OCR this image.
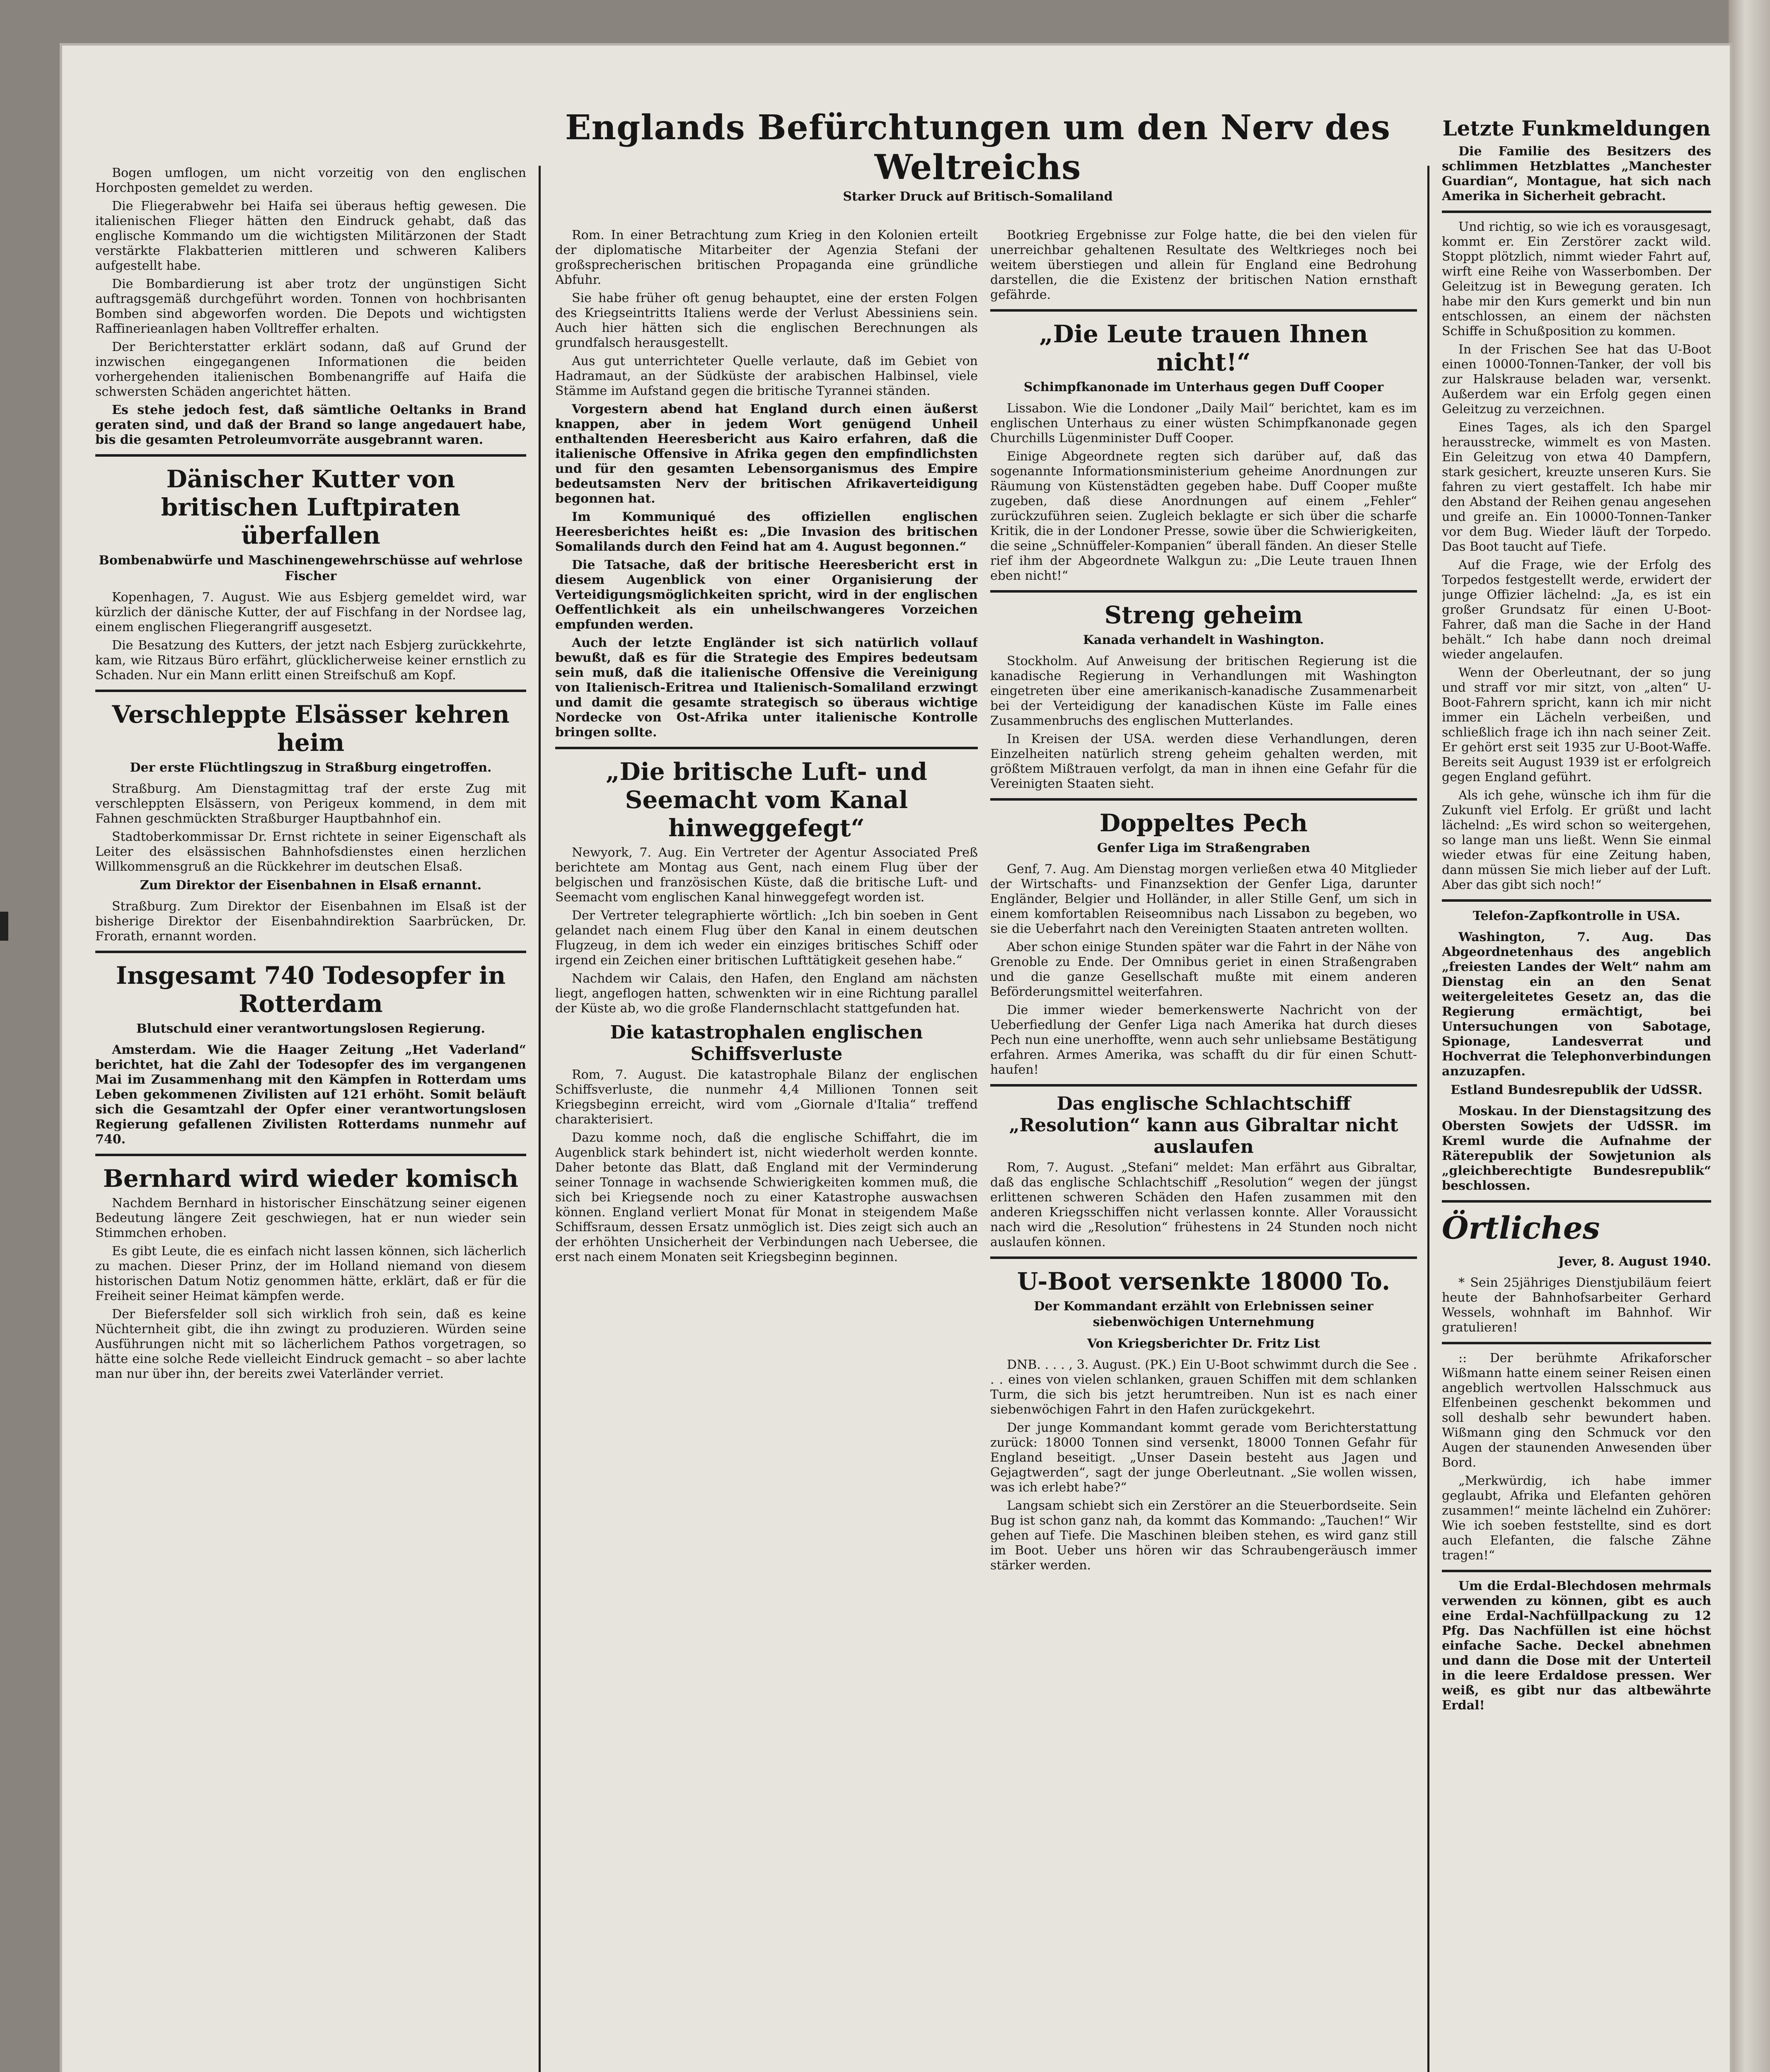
Englands Befürchtungen um den Nerv des Weltreichs
Starker Druck auf Britisch-Somaliland

Bogen umflogen, um nicht vorzeitig von den englischen Horchposten gemeldet zu werden.

Die Fliegerabwehr bei Haifa sei überaus heftig gewesen. Die italienischen Flieger hätten den Eindruck gehabt, daß das englische Kommando um die wichtigsten Militärzonen der Stadt verstärkte Flakbatterien mittleren und schweren Kalibers aufgestellt habe.

Die Bombardierung ist aber trotz der ungünstigen Sicht auftragsgemäß durchgeführt worden. Tonnen von hochbrisanten Bomben sind abgeworfen worden. Die Depots und wichtigsten Raffinerieanlagen haben Volltreffer erhalten.

Der Berichterstatter erklärt sodann, daß auf Grund der inzwischen eingegangenen Informationen die beiden vorhergehenden italienischen Bombenangriffe auf Haifa die schwersten Schäden angerichtet hätten.

Es stehe jedoch fest, daß sämtliche Oeltanks in Brand geraten sind, und daß der Brand so lange angedauert habe, bis die gesamten Petroleumvorräte ausgebrannt waren.

Dänischer Kutter von britischen Luftpiraten überfallen
Bombenabwürfe und Maschinengewehrschüsse auf wehrlose Fischer

Kopenhagen, 7. August. Wie aus Esbjerg gemeldet wird, war kürzlich der dänische Kutter, der auf Fischfang in der Nordsee lag, einem englischen Fliegerangriff ausgesetzt.

Die Besatzung des Kutters, der jetzt nach Esbjerg zurückkehrte, kam, wie Ritzaus Büro erfährt, glücklicherweise keiner ernstlich zu Schaden. Nur ein Mann erlitt einen Streifschuß am Kopf.

Verschleppte Elsässer kehren heim
Der erste Flüchtlingszug in Straßburg eingetroffen.

Straßburg. Am Dienstagmittag traf der erste Zug mit verschleppten Elsässern, von Perigeux kommend, in dem mit Fahnen geschmückten Straßburger Hauptbahnhof ein.

Stadtoberkommissar Dr. Ernst richtete in seiner Eigenschaft als Leiter des elsässischen Bahnhofsdienstes einen herzlichen Willkommensgruß an die Rückkehrer im deutschen Elsaß.

Zum Direktor der Eisenbahnen in Elsaß ernannt.

Straßburg. Zum Direktor der Eisenbahnen im Elsaß ist der bisherige Direktor der Eisenbahndirektion Saarbrücken, Dr. Frorath, ernannt worden.

Insgesamt 740 Todesopfer in Rotterdam
Blutschuld einer verantwortungslosen Regierung.

Amsterdam. Wie die Haager Zeitung „Het Vaderland“ berichtet, hat die Zahl der Todesopfer des im vergangenen Mai im Zusammenhang mit den Kämpfen in Rotterdam ums Leben gekommenen Zivilisten auf 121 erhöht. Somit beläuft sich die Gesamtzahl der Opfer einer verantwortungslosen Regierung gefallenen Zivilisten Rotterdams nunmehr auf 740.

Bernhard wird wieder komisch

Nachdem Bernhard in historischer Einschätzung seiner eigenen Bedeutung längere Zeit geschwiegen, hat er nun wieder sein Stimmchen erhoben.

Es gibt Leute, die es einfach nicht lassen können, sich lächerlich zu machen. Dieser Prinz, der im Holland niemand von diesem historischen Datum Notiz genommen hätte, erklärt, daß er für die Freiheit seiner Heimat kämpfen werde.

Der Biefersfelder soll sich wirklich froh sein, daß es keine Nüchternheit gibt, die ihn zwingt zu produzieren. Würden seine Ausführungen nicht mit so lächerlichem Pathos vorgetragen, so hätte eine solche Rede vielleicht Eindruck gemacht – so aber lachte man nur über ihn, der bereits zwei Vaterländer verriet.

Rom. In einer Betrachtung zum Krieg in den Kolonien erteilt der diplomatische Mitarbeiter der Agenzia Stefani der großsprecherischen britischen Propaganda eine gründliche Abfuhr.

Sie habe früher oft genug behauptet, eine der ersten Folgen des Kriegseintritts Italiens werde der Verlust Abessiniens sein. Auch hier hätten sich die englischen Berechnungen als grundfalsch herausgestellt.

Aus gut unterrichteter Quelle verlaute, daß im Gebiet von Hadramaut, an der Südküste der arabischen Halbinsel, viele Stämme im Aufstand gegen die britische Tyrannei ständen.

Vorgestern abend hat England durch einen äußerst knappen, aber in jedem Wort genügend Unheil enthaltenden Heeresbericht aus Kairo erfahren, daß die italienische Offensive in Afrika gegen den empfindlichsten und für den gesamten Lebensorganismus des Empire bedeutsamsten Nerv der britischen Afrikaverteidigung begonnen hat.

Im Kommuniqué des offiziellen englischen Heeresberichtes heißt es: „Die Invasion des britischen Somalilands durch den Feind hat am 4. August begonnen.“

Die Tatsache, daß der britische Heeresbericht erst in diesem Augenblick von einer Organisierung der Verteidigungsmöglichkeiten spricht, wird in der englischen Oeffentlichkeit als ein unheilschwangeres Vorzeichen empfunden werden.

Auch der letzte Engländer ist sich natürlich vollauf bewußt, daß es für die Strategie des Empires bedeutsam sein muß, daß die italienische Offensive die Vereinigung von Italienisch-Eritrea und Italienisch-Somaliland erzwingt und damit die gesamte strategisch so überaus wichtige Nordecke von Ost-Afrika unter italienische Kontrolle bringen sollte.

„Die britische Luft- und Seemacht vom Kanal hinweggefegt“

Newyork, 7. Aug. Ein Vertreter der Agentur Associated Preß berichtete am Montag aus Gent, nach einem Flug über der belgischen und französischen Küste, daß die britische Luft- und Seemacht vom englischen Kanal hinweggefegt worden ist.

Der Vertreter telegraphierte wörtlich: „Ich bin soeben in Gent gelandet nach einem Flug über den Kanal in einem deutschen Flugzeug, in dem ich weder ein einziges britisches Schiff oder irgend ein Zeichen einer britischen Lufttätigkeit gesehen habe.“

Nachdem wir Calais, den Hafen, den England am nächsten liegt, angeflogen hatten, schwenkten wir in eine Richtung parallel der Küste ab, wo die große Flandernschlacht stattgefunden hat.

Die katastrophalen englischen Schiffsverluste

Rom, 7. August. Die katastrophale Bilanz der englischen Schiffsverluste, die nunmehr 4,4 Millionen Tonnen seit Kriegsbeginn erreicht, wird vom „Giornale d'Italia“ treffend charakterisiert.

Dazu komme noch, daß die englische Schiffahrt, die im Augenblick stark behindert ist, nicht wiederholt werden konnte. Daher betonte das Blatt, daß England mit der Verminderung seiner Tonnage in wachsende Schwierigkeiten kommen muß, die sich bei Kriegsende noch zu einer Katastrophe auswachsen können. England verliert Monat für Monat in steigendem Maße Schiffsraum, dessen Ersatz unmöglich ist. Dies zeigt sich auch an der erhöhten Unsicherheit der Verbindungen nach Uebersee, die erst nach einem Monaten seit Kriegsbeginn beginnen.

Bootkrieg Ergebnisse zur Folge hatte, die bei den vielen für unerreichbar gehaltenen Resultate des Weltkrieges noch bei weitem überstiegen und allein für England eine Bedrohung darstellen, die die Existenz der britischen Nation ernsthaft gefährde.

„Die Leute trauen Ihnen nicht!“
Schimpfkanonade im Unterhaus gegen Duff Cooper

Lissabon. Wie die Londoner „Daily Mail“ berichtet, kam es im englischen Unterhaus zu einer wüsten Schimpfkanonade gegen Churchills Lügenminister Duff Cooper.

Einige Abgeordnete regten sich darüber auf, daß das sogenannte Informationsministerium geheime Anordnungen zur Räumung von Küstenstädten gegeben habe. Duff Cooper mußte zugeben, daß diese Anordnungen auf einem „Fehler“ zurückzuführen seien. Zugleich beklagte er sich über die scharfe Kritik, die in der Londoner Presse, sowie über die Schwierigkeiten, die seine „Schnüffeler-Kompanien“ überall fänden. An dieser Stelle rief ihm der Abgeordnete Walkgun zu: „Die Leute trauen Ihnen eben nicht!“

Streng geheim
Kanada verhandelt in Washington.

Stockholm. Auf Anweisung der britischen Regierung ist die kanadische Regierung in Verhandlungen mit Washington eingetreten über eine amerikanisch-kanadische Zusammenarbeit bei der Verteidigung der kanadischen Küste im Falle eines Zusammenbruchs des englischen Mutterlandes.

In Kreisen der USA. werden diese Verhandlungen, deren Einzelheiten natürlich streng geheim gehalten werden, mit größtem Mißtrauen verfolgt, da man in ihnen eine Gefahr für die Vereinigten Staaten sieht.

Doppeltes Pech
Genfer Liga im Straßengraben

Genf, 7. Aug. Am Dienstag morgen verließen etwa 40 Mitglieder der Wirtschafts- und Finanzsektion der Genfer Liga, darunter Engländer, Belgier und Holländer, in aller Stille Genf, um sich in einem komfortablen Reiseomnibus nach Lissabon zu begeben, wo sie die Ueberfahrt nach den Vereinigten Staaten antreten wollten.

Aber schon einige Stunden später war die Fahrt in der Nähe von Grenoble zu Ende. Der Omnibus geriet in einen Straßengraben und die ganze Gesellschaft mußte mit einem anderen Beförderungsmittel weiterfahren.

Die immer wieder bemerkenswerte Nachricht von der Ueberfiedlung der Genfer Liga nach Amerika hat durch dieses Pech nun eine unerhoffte, wenn auch sehr unliebsame Bestätigung erfahren. Armes Amerika, was schafft du dir für einen Schutt-haufen!

Das englische Schlachtschiff „Resolution“ kann aus Gibraltar nicht auslaufen

Rom, 7. August. „Stefani“ meldet: Man erfährt aus Gibraltar, daß das englische Schlachtschiff „Resolution“ wegen der jüngst erlittenen schweren Schäden den Hafen zusammen mit den anderen Kriegsschiffen nicht verlassen konnte. Aller Voraussicht nach wird die „Resolution“ frühestens in 24 Stunden noch nicht auslaufen können.

U-Boot versenkte 18000 To.
Der Kommandant erzählt von Erlebnissen seiner siebenwöchigen Unternehmung
Von Kriegsberichter Dr. Fritz List

DNB. . . . , 3. August. (PK.) Ein U-Boot schwimmt durch die See . . . eines von vielen schlanken, grauen Schiffen mit dem schlanken Turm, die sich bis jetzt herumtreiben. Nun ist es nach einer siebenwöchigen Fahrt in den Hafen zurückgekehrt.

Der junge Kommandant kommt gerade vom Berichterstattung zurück: 18000 Tonnen sind versenkt, 18000 Tonnen Gefahr für England beseitigt. „Unser Dasein besteht aus Jagen und Gejagtwerden“, sagt der junge Oberleutnant. „Sie wollen wissen, was ich erlebt habe?“

Langsam schiebt sich ein Zerstörer an die Steuerbordseite. Sein Bug ist schon ganz nah, da kommt das Kommando: „Tauchen!“ Wir gehen auf Tiefe. Die Maschinen bleiben stehen, es wird ganz still im Boot. Ueber uns hören wir das Schraubengeräusch immer stärker werden.

Letzte Funkmeldungen

Die Familie des Besitzers des schlimmen Hetzblattes „Manchester Guardian“, Montague, hat sich nach Amerika in Sicherheit gebracht.

Und richtig, so wie ich es vorausgesagt, kommt er. Ein Zerstörer zackt wild. Stoppt plötzlich, nimmt wieder Fahrt auf, wirft eine Reihe von Wasserbomben. Der Geleitzug ist in Bewegung geraten. Ich habe mir den Kurs gemerkt und bin nun entschlossen, an einem der nächsten Schiffe in Schußposition zu kommen.

In der Frischen See hat das U-Boot einen 10000-Tonnen-Tanker, der voll bis zur Halskrause beladen war, versenkt. Außerdem war ein Erfolg gegen einen Geleitzug zu verzeichnen.

Eines Tages, als ich den Spargel herausstrecke, wimmelt es von Masten. Ein Geleitzug von etwa 40 Dampfern, stark gesichert, kreuzte unseren Kurs. Sie fahren zu viert gestaffelt. Ich habe mir den Abstand der Reihen genau angesehen und greife an. Ein 10000-Tonnen-Tanker vor dem Bug. Wieder läuft der Torpedo. Das Boot taucht auf Tiefe.

Auf die Frage, wie der Erfolg des Torpedos festgestellt werde, erwidert der junge Offizier lächelnd: „Ja, es ist ein großer Grundsatz für einen U-Boot-Fahrer, daß man die Sache in der Hand behält.“ Ich habe dann noch dreimal wieder angelaufen.

Wenn der Oberleutnant, der so jung und straff vor mir sitzt, von „alten“ U-Boot-Fahrern spricht, kann ich mir nicht immer ein Lächeln verbeißen, und schließlich frage ich ihn nach seiner Zeit. Er gehört erst seit 1935 zur U-Boot-Waffe. Bereits seit August 1939 ist er erfolgreich gegen England geführt.

Als ich gehe, wünsche ich ihm für die Zukunft viel Erfolg. Er grüßt und lacht lächelnd: „Es wird schon so weitergehen, so lange man uns ließt. Wenn Sie einmal wieder etwas für eine Zeitung haben, dann müssen Sie mich lieber auf der Luft. Aber das gibt sich noch!“

Telefon-Zapfkontrolle in USA.

Washington, 7. Aug. Das Abgeordnetenhaus des angeblich „freiesten Landes der Welt“ nahm am Dienstag ein an den Senat weitergeleitetes Gesetz an, das die Regierung ermächtigt, bei Untersuchungen von Sabotage, Spionage, Landesverrat und Hochverrat die Telephonverbindungen anzuzapfen.

Estland Bundesrepublik der UdSSR.

Moskau. In der Dienstagsitzung des Obersten Sowjets der UdSSR. im Kreml wurde die Aufnahme der Räterepublik der Sowjetunion als „gleichberechtigte Bundesrepublik“ beschlossen.

Örtliches
Jever, 8. August 1940.

* Sein 25jähriges Dienstjubiläum feiert heute der Bahnhofsarbeiter Gerhard Wessels, wohnhaft im Bahnhof. Wir gratulieren!

:: Der berühmte Afrikaforscher Wißmann hatte einem seiner Reisen einen angeblich wertvollen Halsschmuck aus Elfenbeinen geschenkt bekommen und soll deshalb sehr bewundert haben. Wißmann ging den Schmuck vor den Augen der staunenden Anwesenden über Bord.

„Merkwürdig, ich habe immer geglaubt, Afrika und Elefanten gehören zusammen!“ meinte lächelnd ein Zuhörer: Wie ich soeben feststellte, sind es dort auch Elefanten, die falsche Zähne tragen!“

Um die Erdal-Blechdosen mehrmals verwenden zu können, gibt es auch eine Erdal-Nachfüllpackung zu 12 Pfg. Das Nachfüllen ist eine höchst einfache Sache. Deckel abnehmen und dann die Dose mit der Unterteil in die leere Erdaldose pressen. Wer weiß, es gibt nur das altbewährte Erdal!
